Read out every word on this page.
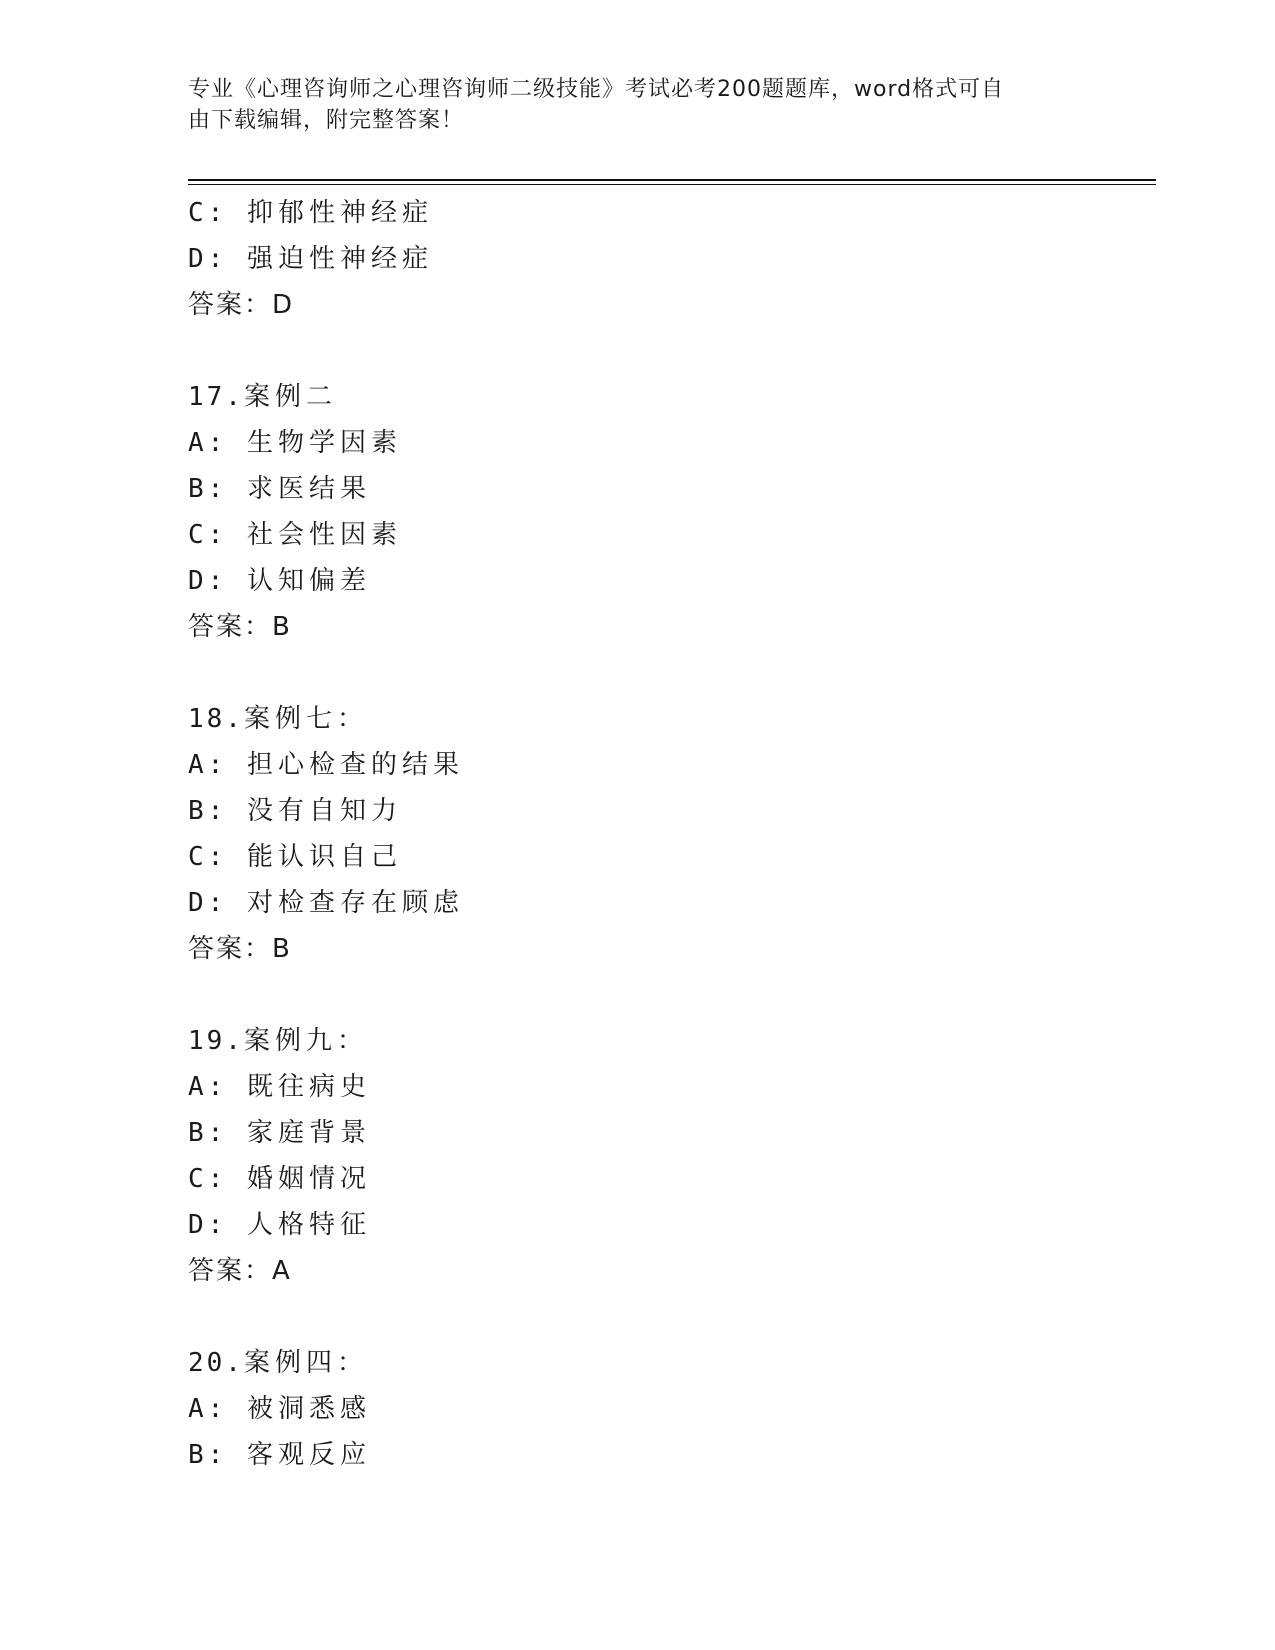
专业《心理咨询师之心理咨询师二级技能》考试必考200题题库，word格式可自
由下载编辑，附完整答案！
C: 抑郁性神经症
D: 强迫性神经症
答案：D
17.案例二
A: 生物学因素
B: 求医结果
C: 社会性因素
D: 认知偏差
答案：B
18.案例七：
A: 担心检查的结果
B: 没有自知力
C: 能认识自己
D: 对检查存在顾虑
答案：B
19.案例九：
A: 既往病史
B: 家庭背景
C: 婚姻情况
D: 人格特征
答案：A
20.案例四：
A: 被洞悉感
B: 客观反应
